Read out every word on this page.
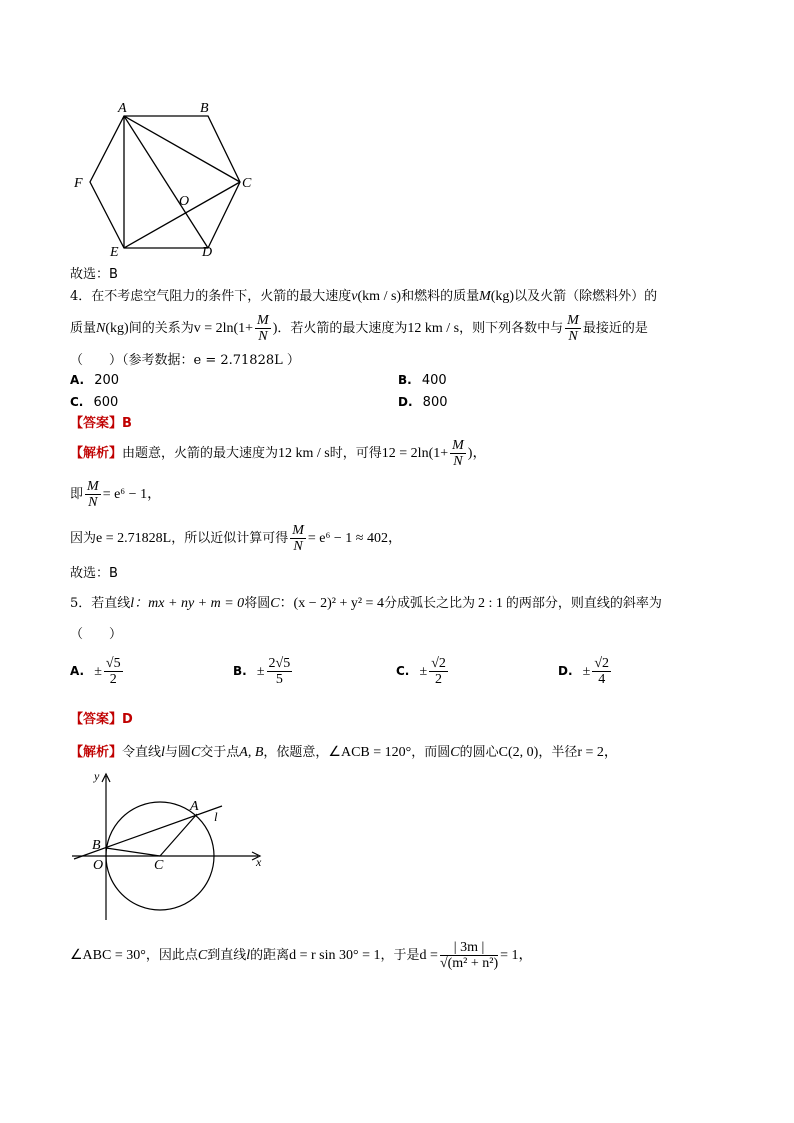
A	B
C
D
E
F
O
故选：B
4．在不考虑空气阻力的条件下，火箭的最大速度v(km / s)和燃料的质量M(kg)以及火箭（除燃料外）的
质量N(kg)间的关系为$v = 2\ln(1+ \frac{M}{N}$ )．若火箭的最大速度为12 km / s，则下列各数中与 $\frac{M}{N}$ 最接近的是
（　　）（参考数据：e = 2.71828L ）
A. 200	B. 400
C. 600	D. 800
【答案】B
【解析】由题意，火箭的最大速度为12 km / s时，可得$12 = 2\ln(1+ \frac{M}{N}$ )，
即 $\frac{M}{N} = e^6 - 1$，
因为e = 2.71828L，所以近似计算可得 $\frac{M}{N} = e^6 - 1 \approx 402$，
故选：B
5．若直线l：mx + ny + m = 0将圆C：(x − 2)² + y² = 4分成弧长之比为 2 : 1 的两部分，则直线的斜率为
（　　）
A. ± $\frac{√5}{2}$	B. ± $\frac{2√5}{5}$	C. ± $\frac{√2}{2}$	D. ± $\frac{√2}{4}$
【答案】D
【解析】令直线l与圆C交于点A, B，依题意，∠ACB = 120°，而圆C的圆心C(2, 0)，半径r = 2，
y
x
O
B
C
A
l
∠ABC = 30°，因此点C到直线l的距离d = r sin 30° = 1，于是$d = \frac{| 3m |}{\text{√(m² + n²)}} = 1$，
